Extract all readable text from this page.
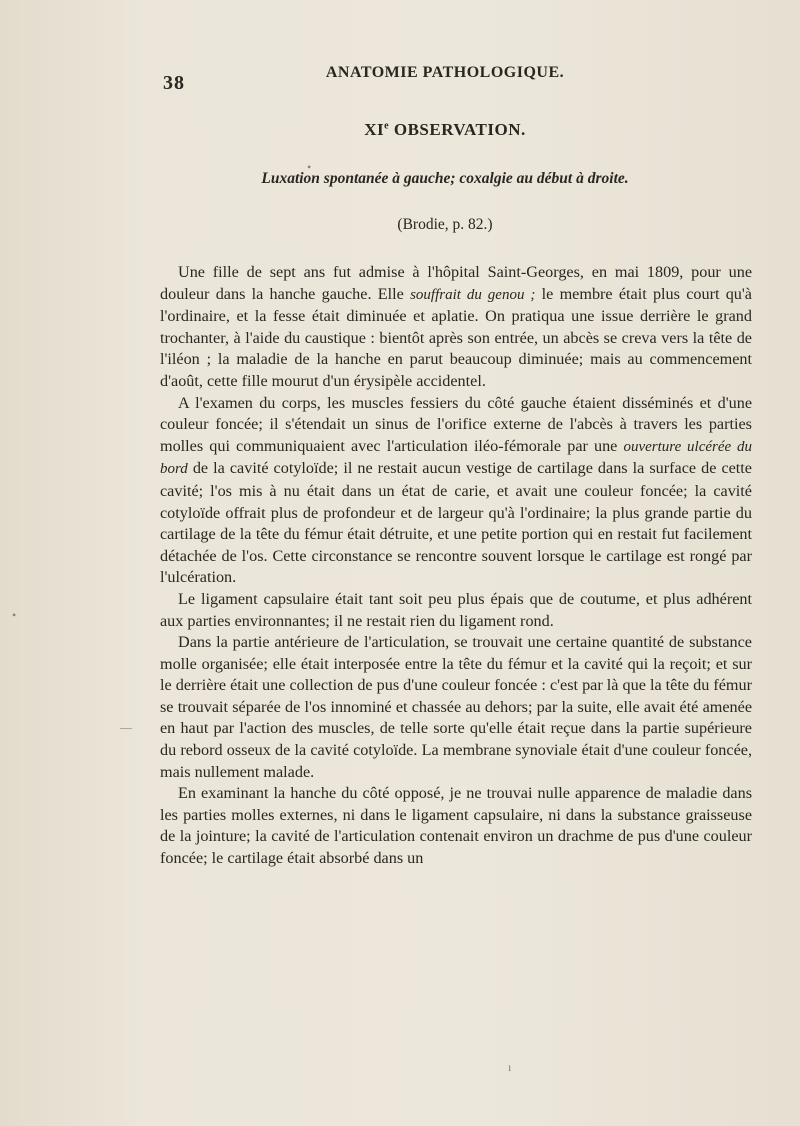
38	ANATOMIE PATHOLOGIQUE.
XIe OBSERVATION.
Luxation spontanée à gauche; coxalgie au début à droite.
(Brodie, p. 82.)

Une fille de sept ans fut admise à l'hôpital Saint-Georges, en mai 1809, pour une douleur dans la hanche gauche. Elle souffrait du genou ; le membre était plus court qu'à l'ordinaire, et la fesse était diminuée et aplatie. On pratiqua une issue derrière le grand trochanter, à l'aide du caustique : bientôt après son entrée, un abcès se creva vers la tête de l'iléon ; la maladie de la hanche en parut beaucoup diminuée; mais au commencement d'août, cette fille mourut d'un érysipèle accidentel.

A l'examen du corps, les muscles fessiers du côté gauche étaient disséminés et d'une couleur foncée; il s'étendait un sinus de l'orifice externe de l'abcès à travers les parties molles qui communiquaient avec l'articulation iléo-fémorale par une ouverture ulcérée du bord de la cavité cotyloïde; il ne restait aucun vestige de cartilage dans la surface de cette cavité; l'os mis à nu était dans un état de carie, et avait une couleur foncée; la cavité cotyloïde offrait plus de profondeur et de largeur qu'à l'ordinaire; la plus grande partie du cartilage de la tête du fémur était détruite, et une petite portion qui en restait fut facilement détachée de l'os. Cette circonstance se rencontre souvent lorsque le cartilage est rongé par l'ulcération.

Le ligament capsulaire était tant soit peu plus épais que de coutume, et plus adhérent aux parties environnantes; il ne restait rien du ligament rond.

Dans la partie antérieure de l'articulation, se trouvait une certaine quantité de substance molle organisée; elle était interposée entre la tête du fémur et la cavité qui la reçoit; et sur le derrière était une collection de pus d'une couleur foncée : c'est par là que la tête du fémur se trouvait séparée de l'os innominé et chassée au dehors; par la suite, elle avait été amenée en haut par l'action des muscles, de telle sorte qu'elle était reçue dans la partie supérieure du rebord osseux de la cavité cotyloïde. La membrane synoviale était d'une couleur foncée, mais nullement malade.

En examinant la hanche du côté opposé, je ne trouvai nulle apparence de maladie dans les parties molles externes, ni dans le ligament capsulaire, ni dans la substance graisseuse de la jointure; la cavité de l'articulation contenait environ un drachme de pus d'une couleur foncée; le cartilage était absorbé dans un

•
—
•
ı
